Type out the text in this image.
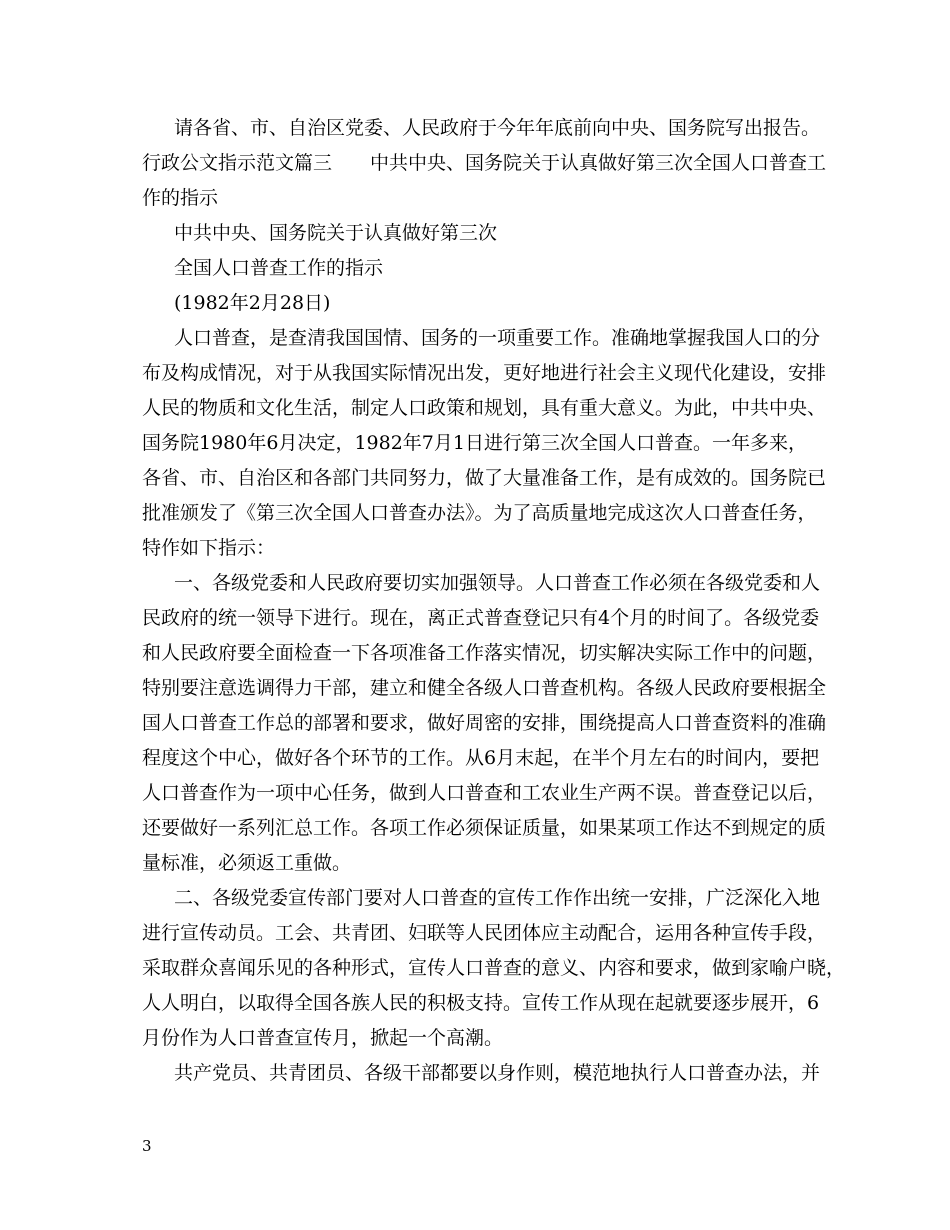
请各省、市、自治区党委、人民政府于今年年底前向中央、国务院写出报告。
行政公文指示范文篇三　　中共中央、国务院关于认真做好第三次全国人口普查工
作的指示
中共中央、国务院关于认真做好第三次
全国人口普查工作的指示
(1982年2月28日)
人口普查，是查清我国国情、国务的一项重要工作。准确地掌握我国人口的分
布及构成情况，对于从我国实际情况出发，更好地进行社会主义现代化建设，安排
人民的物质和文化生活，制定人口政策和规划，具有重大意义。为此，中共中央、
国务院1980年6月决定，1982年7月1日进行第三次全国人口普查。一年多来，
各省、市、自治区和各部门共同努力，做了大量准备工作，是有成效的。国务院已
批准颁发了《第三次全国人口普查办法》。为了高质量地完成这次人口普查任务，
特作如下指示：
一、各级党委和人民政府要切实加强领导。人口普查工作必须在各级党委和人
民政府的统一领导下进行。现在，离正式普查登记只有4个月的时间了。各级党委
和人民政府要全面检查一下各项准备工作落实情况，切实解决实际工作中的问题，
特别要注意选调得力干部，建立和健全各级人口普查机构。各级人民政府要根据全
国人口普查工作总的部署和要求，做好周密的安排，围绕提高人口普查资料的准确
程度这个中心，做好各个环节的工作。从6月末起，在半个月左右的时间内，要把
人口普查作为一项中心任务，做到人口普查和工农业生产两不误。普查登记以后，
还要做好一系列汇总工作。各项工作必须保证质量，如果某项工作达不到规定的质
量标准，必须返工重做。
二、各级党委宣传部门要对人口普查的宣传工作作出统一安排，广泛深化入地
进行宣传动员。工会、共青团、妇联等人民团体应主动配合，运用各种宣传手段，
采取群众喜闻乐见的各种形式，宣传人口普查的意义、内容和要求，做到家喻户晓，
人人明白，以取得全国各族人民的积极支持。宣传工作从现在起就要逐步展开，6
月份作为人口普查宣传月，掀起一个高潮。
共产党员、共青团员、各级干部都要以身作则，模范地执行人口普查办法，并
3
